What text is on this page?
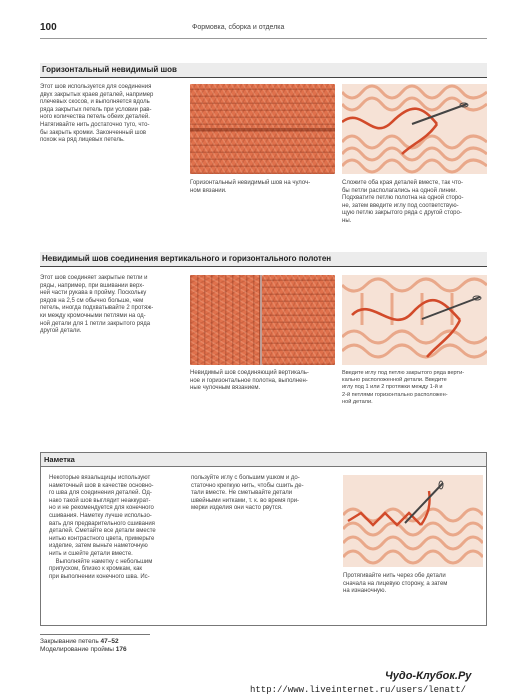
100	Формовка, сборка и отделка
Горизонтальный невидимый шов
Этот шов используется для соединения
двух закрытых краев деталей, например
плечевых скосов, и выполняется вдоль
ряда закрытых петель при условии рав-
ного количества петель обеих деталей.
Натягивайте нить достаточно туго, что-
бы закрыть кромки. Законченный шов
похож на ряд лицевых петель.
Горизонтальный невидимый шов на чулоч-
ном вязании.
Сложите оба края деталей вместе, так что-
бы петли располагались на одной линии.
Подхватите петлю полотна на одной сторо-
не, затем введите иглу под соответствую-
щую петлю закрытого ряда с другой сторо-
ны.
Невидимый шов соединения вертикального и горизонтального полотен
Этот шов соединяет закрытые петли и
ряды, например, при вшивании верх-
ней части рукава в пройму. Поскольку
рядов на 2,5 см обычно больше, чем
петель, иногда подхватывайте 2 протяж-
ки между кромочными петлями на од-
ной детали для 1 петли закрытого ряда
другой детали.
Невидимый шов соединяющий вертикаль-
ное и горизонтальное полотна, выполнен-
ные чулочным вязанием.
Введите иглу под петлю закрытого ряда верти-
кально расположенной детали. Введите
иглу под 1 или 2 протяжки между 1-й и
2-й петлями горизонтально расположен-
ной детали.
Наметка
Некоторые вязальщицы используют
наметочный шов в качестве основно-
го шва для соединения деталей. Од-
нако такой шов выглядит неаккурат-
но и не рекомендуется для конечного
сшивания. Наметку лучше использо-
вать для предварительного сшивания
деталей. Сметайте все детали вместе
нитью контрастного цвета, примерьте
изделие, затем выньте наметочную
нить и сшейте детали вместе.
Выполняйте наметку с небольшим
припуском, близко к кромкам, как
при выполнении конечного шва. Ис-
пользуйте иглу с большим ушком и до-
статочно крепкую нить, чтобы сшить де-
тали вместе. Не сметывайте детали
швейными нитками, т. к. во время при-
мерки изделия они часто рвутся.
Протягивайте нить через обе детали
сначала на лицевую сторону, а затем
на изнаночную.
Закрывание петель 47–52
Моделирование проймы 176
Чудо-Клубок.Ру
http://www.liveinternet.ru/users/lenatt/
